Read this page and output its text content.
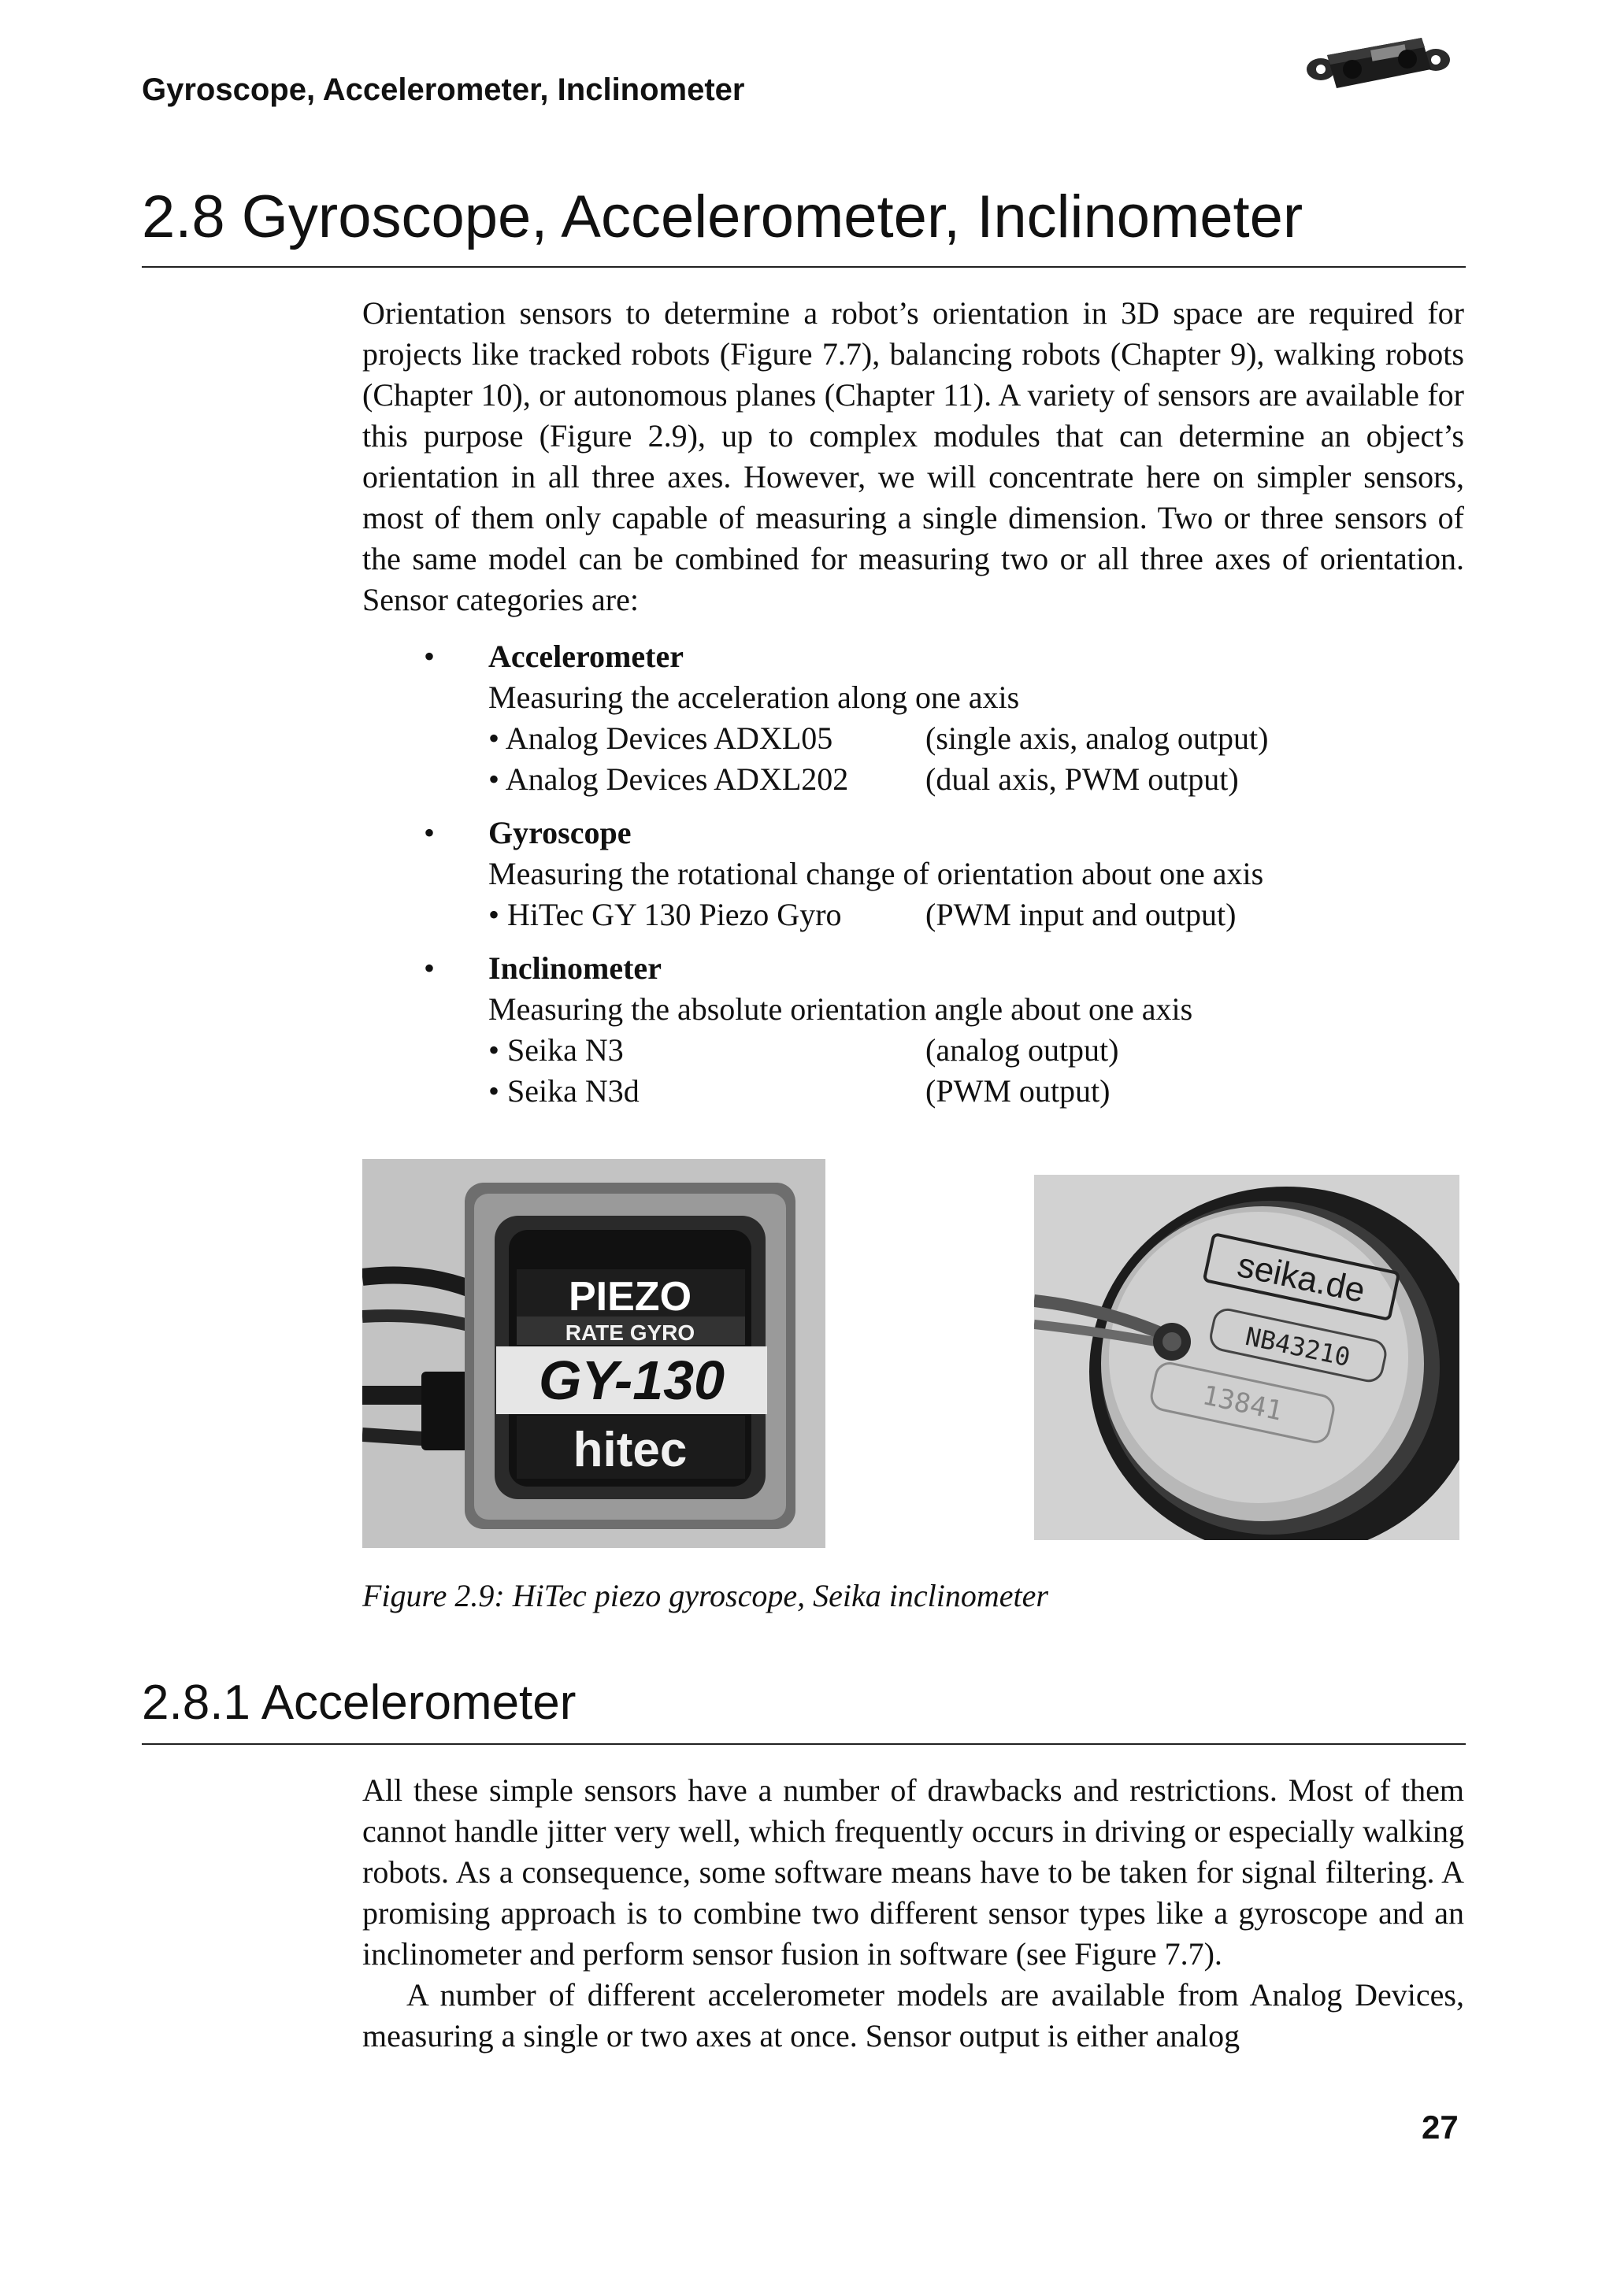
Gyroscope, Accelerometer, Inclinometer
2.8 Gyroscope, Accelerometer, Inclinometer

Orientation sensors to determine a robot’s orientation in 3D space are required for projects like tracked robots (Figure 7.7), balancing robots (Chapter 9), walking robots (Chapter 10), or autonomous planes (Chapter 11). A variety of sensors are available for this purpose (Figure 2.9), up to complex modules that can determine an object’s orientation in all three axes. However, we will concentrate here on simpler sensors, most of them only capable of measuring a single dimension. Two or three sensors of the same model can be combined for measuring two or all three axes of orientation. Sensor categories are:

• Accelerometer
Measuring the acceleration along one axis
• Analog Devices ADXL05	(single axis, analog output)
• Analog Devices ADXL202 (dual axis, PWM output)
• Gyroscope
Measuring the rotational change of orientation about one axis
• HiTec GY 130 Piezo Gyro	(PWM input and output)
• Inclinometer
Measuring the absolute orientation angle about one axis
• Seika N3	(analog output)
• Seika N3d	(PWM output)
PIEZO
RATE GYRO
GY-130
hitec
seika.de
NB43210
13841
Figure 2.9: HiTec piezo gyroscope, Seika inclinometer
2.8.1 Accelerometer

All these simple sensors have a number of drawbacks and restrictions. Most of them cannot handle jitter very well, which frequently occurs in driving or especially walking robots. As a consequence, some software means have to be taken for signal filtering. A promising approach is to combine two different sensor types like a gyroscope and an inclinometer and perform sensor fusion in software (see Figure 7.7).

A number of different accelerometer models are available from Analog Devices, measuring a single or two axes at once. Sensor output is either analog

27
